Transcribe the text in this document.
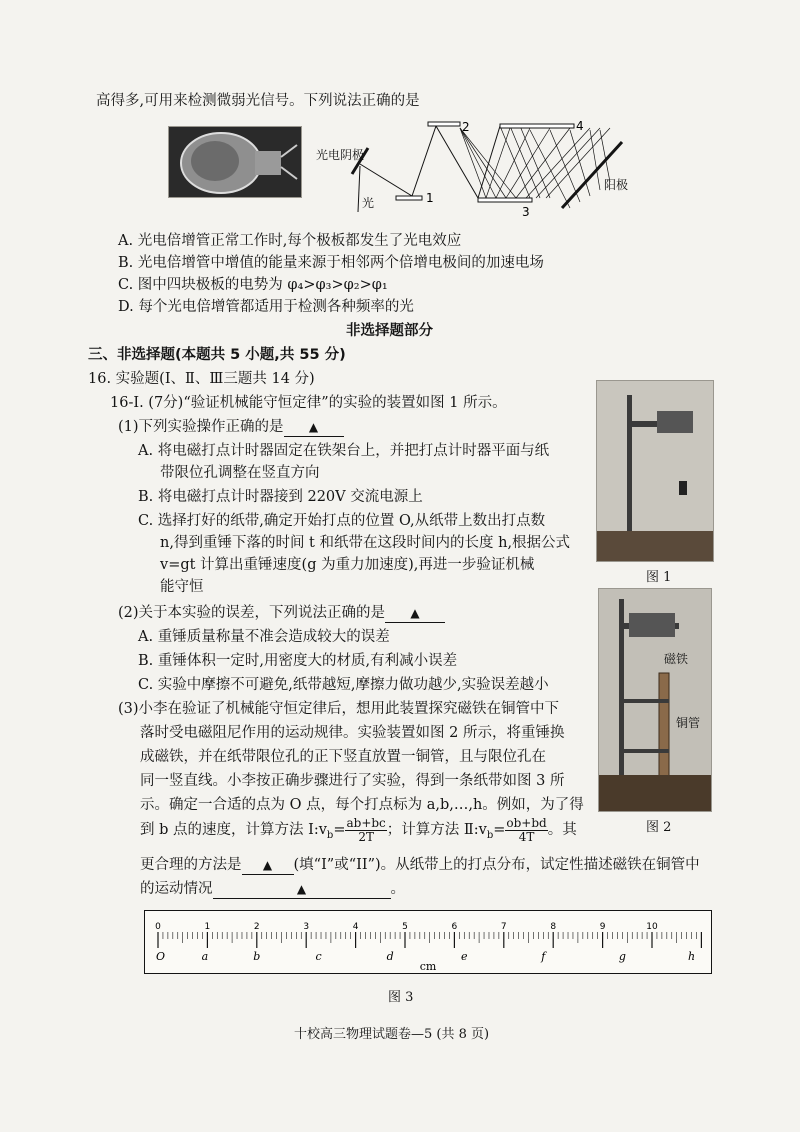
高得多,可用来检测微弱光信号。下列说法正确的是
1
2
3
4
光电阴极
光
阳极
A. 光电倍增管正常工作时,每个极板都发生了光电效应
B. 光电倍增管中增值的能量来源于相邻两个倍增电极间的加速电场
C. 图中四块极板的电势为 φ₄>φ₃>φ₂>φ₁
D. 每个光电倍增管都适用于检测各种频率的光
非选择题部分
三、非选择题(本题共 5 小题,共 55 分)
16. 实验题(Ⅰ、Ⅱ、Ⅲ三题共 14 分)
16-Ⅰ. (7分)“验证机械能守恒定律”的实验的装置如图 1 所示。
(1)下列实验操作正确的是 ▲
A. 将电磁打点计时器固定在铁架台上，并把打点计时器平面与纸
带限位孔调整在竖直方向
B. 将电磁打点计时器接到 220V 交流电源上
C. 选择打好的纸带,确定开始打点的位置 O,从纸带上数出打点数
n,得到重锤下落的时间 t 和纸带在这段时间内的长度 h,根据公式
v=gt 计算出重锤速度(g 为重力加速度),再进一步验证机械
能守恒
图 1
(2)关于本实验的误差，下列说法正确的是 ▲
A. 重锤质量称量不准会造成较大的误差
B. 重锤体积一定时,用密度大的材质,有利减小误差
C. 实验中摩擦不可避免,纸带越短,摩擦力做功越少,实验误差越小
磁铁
铜管
图 2
(3)小李在验证了机械能守恒定律后，想用此装置探究磁铁在铜管中下
落时受电磁阻尼作用的运动规律。实验装置如图 2 所示，将重锤换
成磁铁，并在纸带限位孔的正下竖直放置一铜管，且与限位孔在
同一竖直线。小李按正确步骤进行了实验，得到一条纸带如图 3 所
示。确定一合适的点为 O 点，每个打点标为 a,b,…,h。例如，为了得
到 b 点的速度，计算方法 $Ⅰ:v_b= \frac{ab+bc}{2T}$ ；计算方法 $Ⅱ:v_b= \frac{ob+bd}{4T}$ 。其
更合理的方法是 ▲ (填“I”或“II”)。从纸带上的打点分布，试定性描述磁铁在铜管中
的运动情况	▲	。
cm
0	1	2	3	4	5	6	7	8	9	10
O	a	b	c	d	e	f	g	h
图 3
十校高三物理试题卷—5 (共 8 页)
